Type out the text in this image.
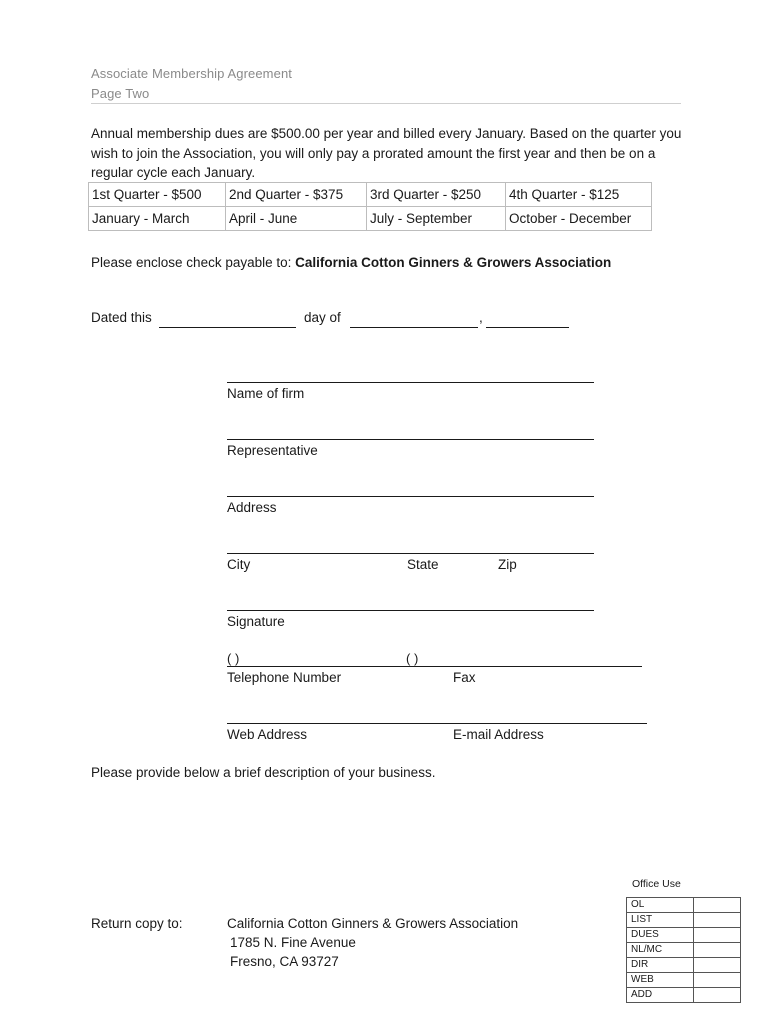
Associate Membership Agreement
Page Two
Annual membership dues are $500.00 per year and billed every January. Based on the quarter you wish to join the Association, you will only pay a prorated amount the first year and then be on a regular cycle each January.
1st Quarter - $500	2nd Quarter - $375	3rd Quarter - $250	4th Quarter - $125
January - March	April - June	July - September	October - December
Please enclose check payable to: California Cotton Ginners & Growers Association
Dated this	day of	,
Name of firm
Representative
Address
City	State	Zip
Signature
( )	( )
Telephone Number	Fax
Web Address	E-mail Address
Please provide below a brief description of your business.
Office Use
OL	
LIST	
DUES	
NL/MC	
DIR	
WEB	
ADD	
Return copy to:	California Cotton Ginners & Growers Association
1785 N. Fine Avenue
Fresno, CA 93727
